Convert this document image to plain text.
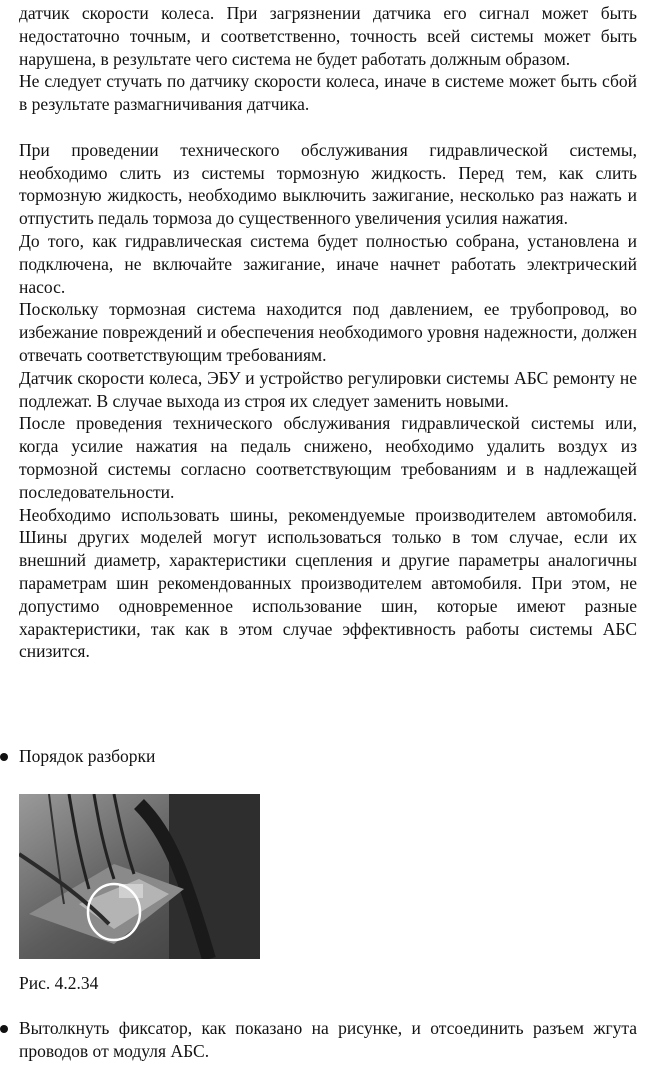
датчик скорости колеса. При загрязнении датчика его сигнал может быть недостаточно точным, и соответственно, точность всей системы может быть нарушена, в результате чего система не будет работать должным образом.

Не следует стучать по датчику скорости колеса, иначе в системе может быть сбой в результате размагничивания датчика.

При проведении технического обслуживания гидравлической системы, необходимо слить из системы тормозную жидкость. Перед тем, как слить тормозную жидкость, необходимо выключить зажигание, несколько раз нажать и отпустить педаль тормоза до существенного увеличения усилия нажатия.

До того, как гидравлическая система будет полностью собрана, установлена и подключена, не включайте зажигание, иначе начнет работать электрический насос.

Поскольку тормозная система находится под давлением, ее трубопровод, во избежание повреждений и обеспечения необходимого уровня надежности, должен отвечать соответствующим требованиям.

Датчик скорости колеса, ЭБУ и устройство регулировки системы АБС ремонту не подлежат. В случае выхода из строя их следует заменить новыми.

После проведения технического обслуживания гидравлической системы или, когда усилие нажатия на педаль снижено, необходимо удалить воздух из тормозной системы согласно соответствующим требованиям и в надлежащей последовательности.

Необходимо использовать шины, рекомендуемые производителем автомобиля. Шины других моделей могут использоваться только в том случае, если их внешний диаметр, характеристики сцепления и другие параметры аналогичны параметрам шин рекомендованных производителем автомобиля. При этом, не допустимо одновременное использование шин, которые имеют разные характеристики, так как в этом случае эффективность работы системы АБС снизится.

Порядок разборки
Рис. 4.2.34
Вытолкнуть фиксатор, как показано на рисунке, и отсоединить разъем жгута проводов от модуля АБС.
